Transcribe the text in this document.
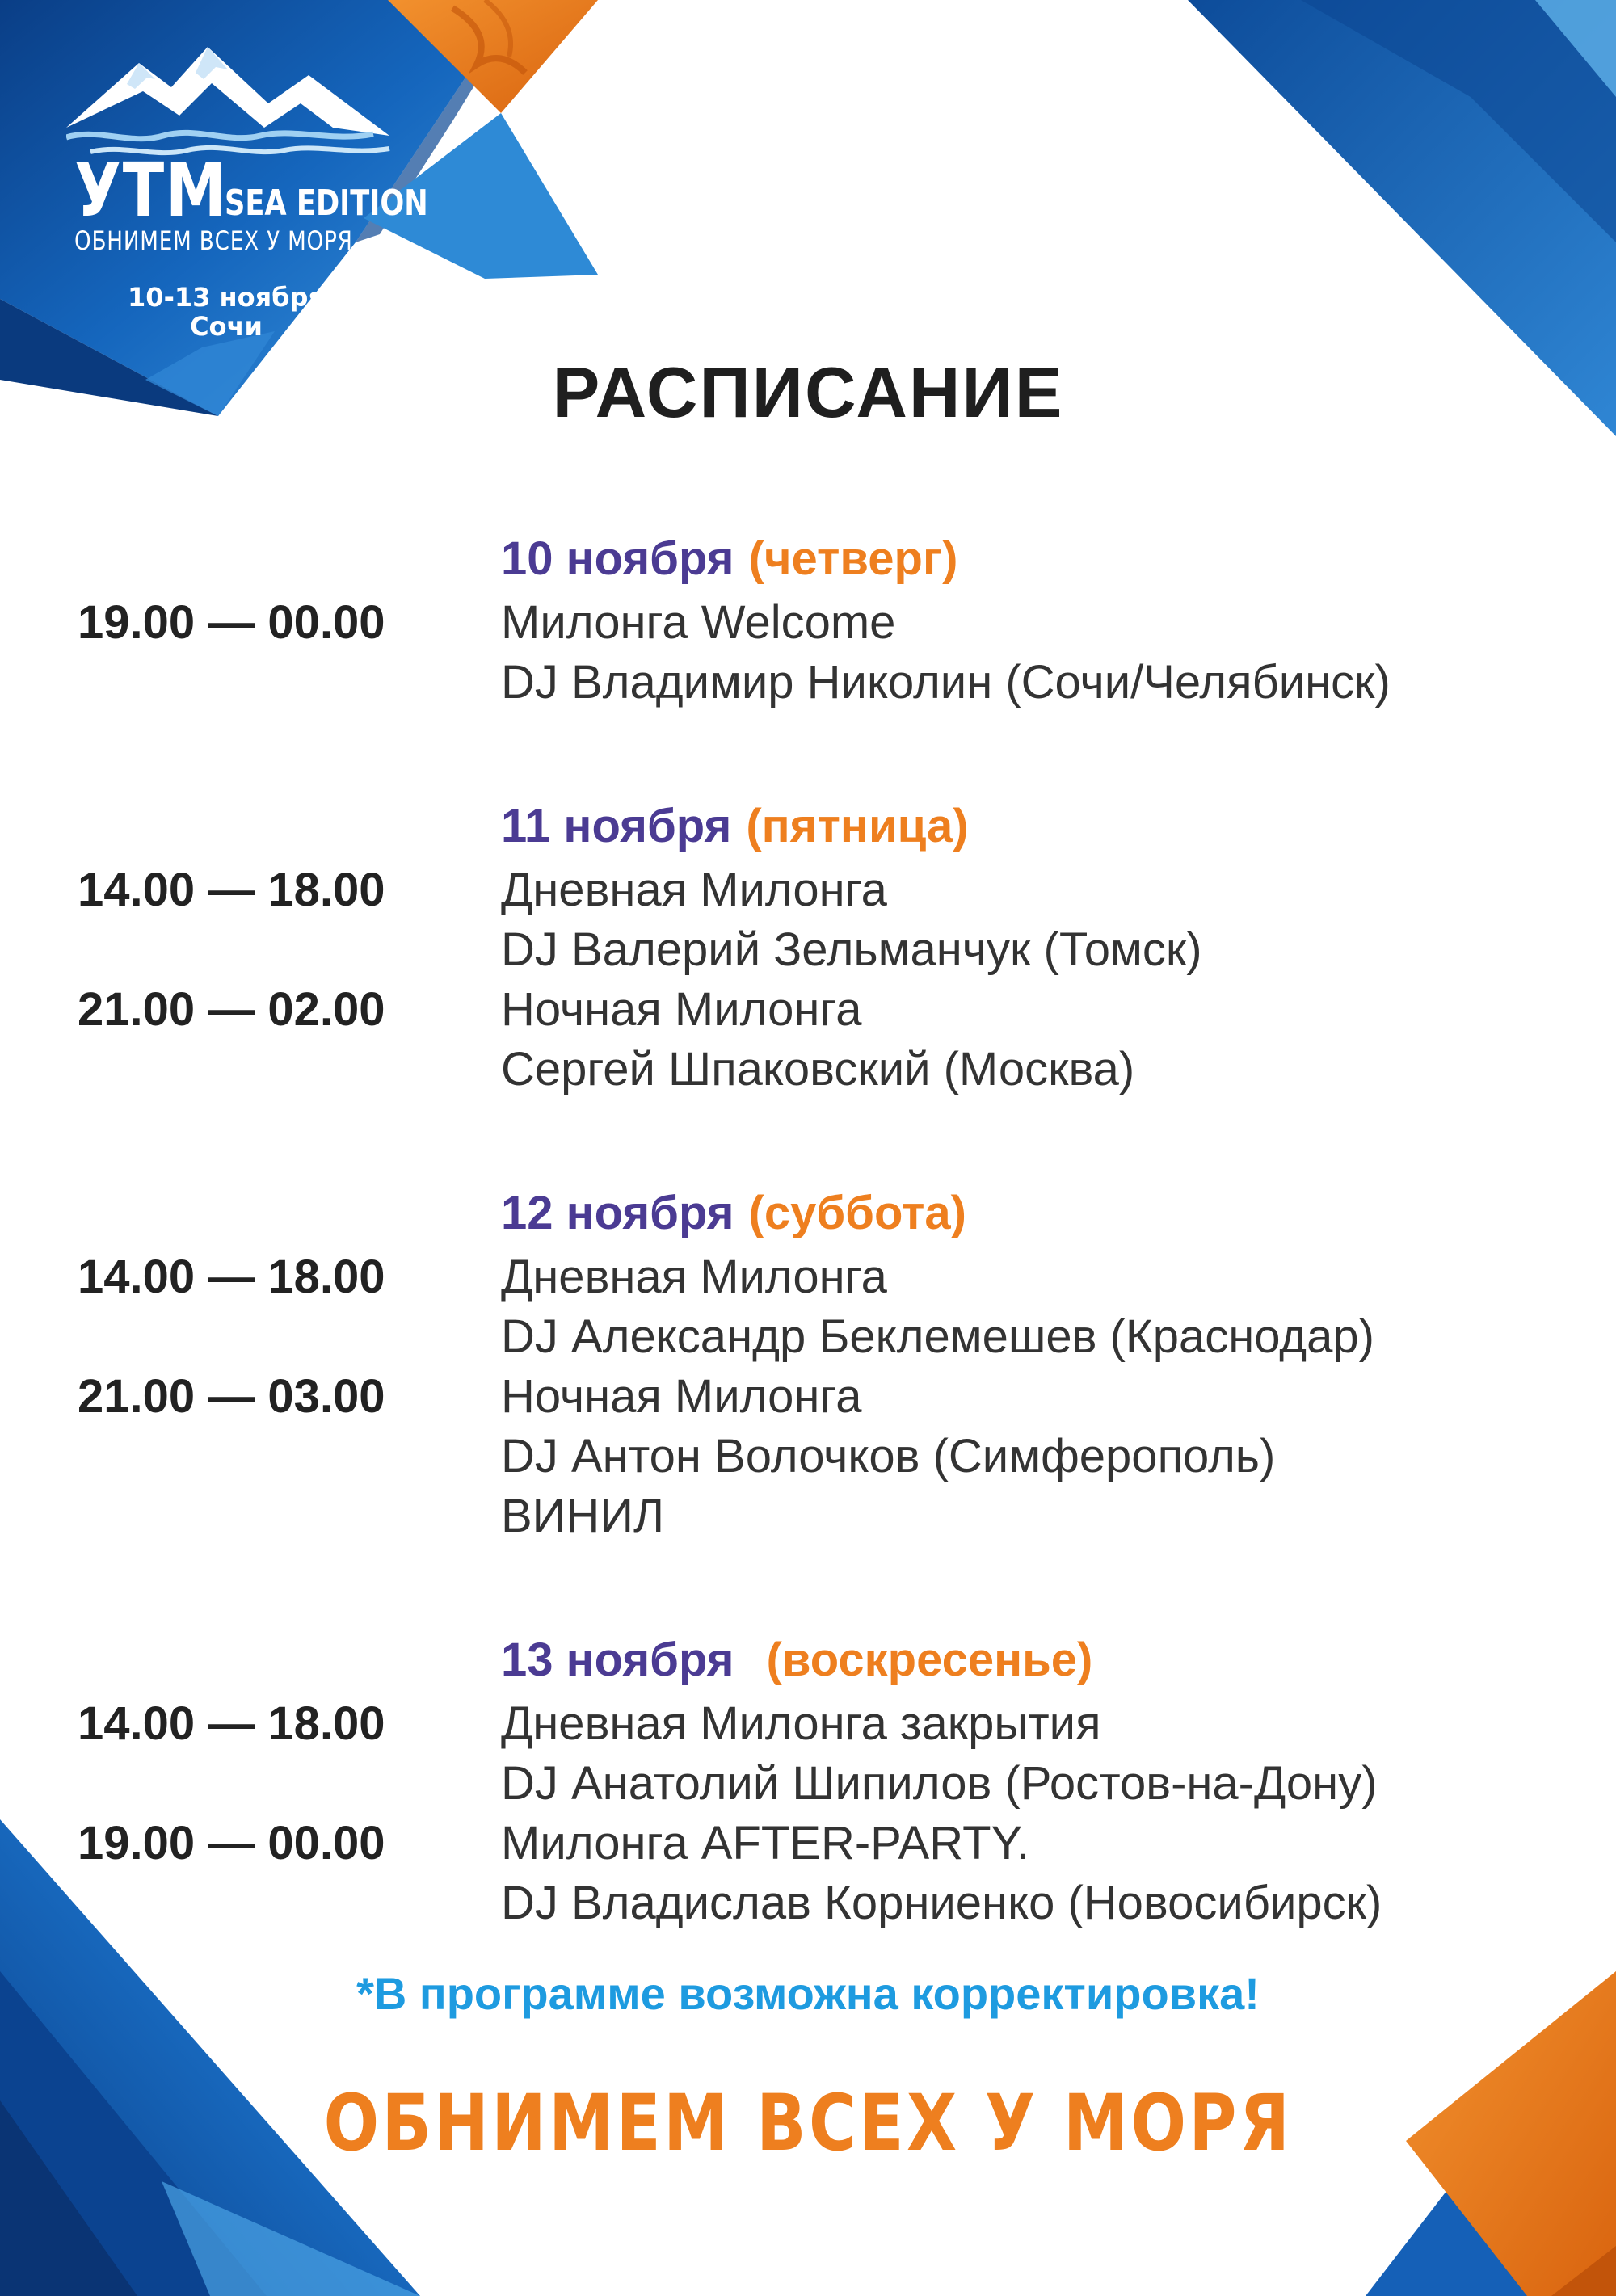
УТМ

SEA EDITION

ОБНИМЕМ ВСЕХ У МОРЯ

10-13 ноября

Сочи

РАСПИСАНИЕ
10 ноября (четверг)
19.00 — 00.00	Милонга Welcome
DJ Владимир Николин (Сочи/Челябинск)
11 ноября (пятница)
14.00 — 18.00	Дневная Милонга
DJ Валерий Зельманчук (Томск)
21.00 — 02.00	Ночная Милонга
Сергей Шпаковский (Москва)
12 ноября (суббота)
14.00 — 18.00	Дневная Милонга
DJ Александр Беклемешев (Краснодар)
21.00 — 03.00	Ночная Милонга
DJ Антон Волочков (Симферополь)
ВИНИЛ
13 ноября (воскресенье)
14.00 — 18.00	Дневная Милонга закрытия
DJ Анатолий Шипилов (Ростов-на-Дону)
19.00 — 00.00	Милонга AFTER-PARTY.
DJ Владислав Корниенко (Новосибирск)

*В программе возможна корректировка!

ОБНИМЕМ ВСЕХ У МОРЯ
